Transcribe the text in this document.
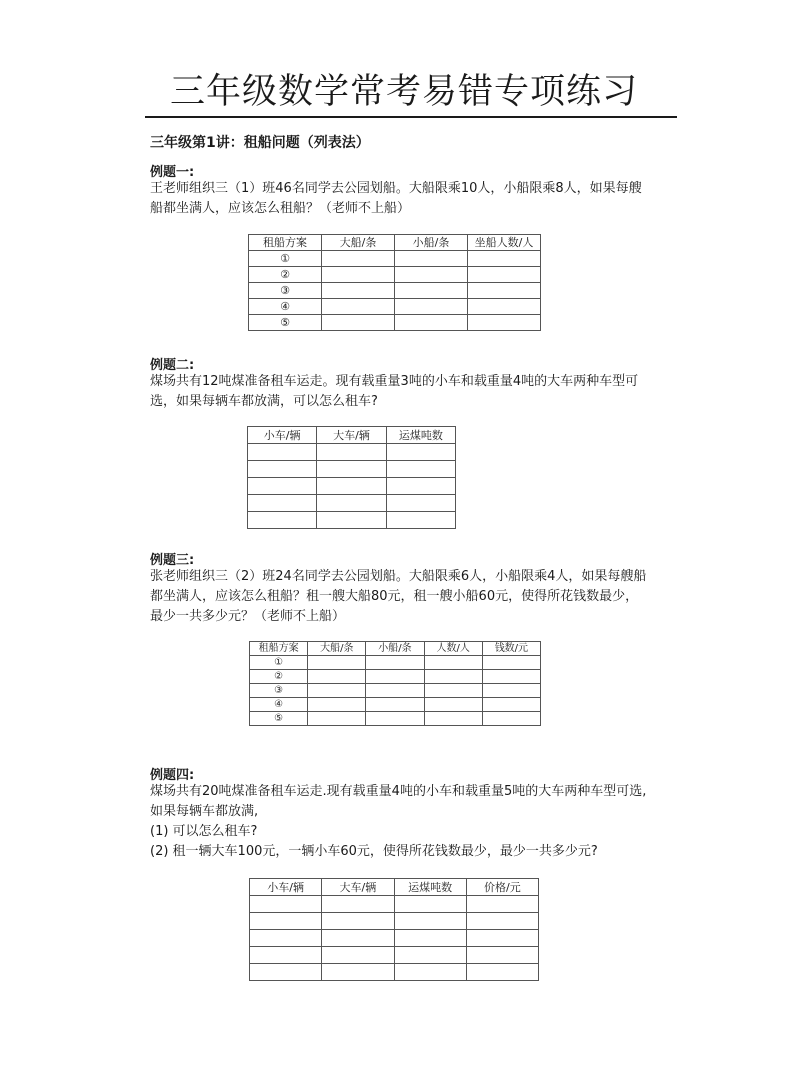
三年级数学常考易错专项练习
三年级第1讲：租船问题（列表法）

例题一:

王老师组织三（1）班46名同学去公园划船。大船限乘10人，小船限乘8人，如果每艘
船都坐满人，应该怎么租船？（老师不上船）

租船方案	大船/条	小船/条	坐船人数/人
①			
②			
③			
④			
⑤			

例题二:

煤场共有12吨煤准备租车运走。现有载重量3吨的小车和载重量4吨的大车两种车型可
选，如果每辆车都放满，可以怎么租车?

小车/辆	大车/辆	运煤吨数

例题三:

张老师组织三（2）班24名同学去公园划船。大船限乘6人，小船限乘4人，如果每艘船
都坐满人，应该怎么租船？租一艘大船80元，租一艘小船60元，使得所花钱数最少，
最少一共多少元？（老师不上船）

租船方案	大船/条	小船/条	人数/人	钱数/元
①				
②				
③				
④				
⑤				

例题四:

煤场共有20吨煤准备租车运走.现有载重量4吨的小车和载重量5吨的大车两种车型可选,
如果每辆车都放满,
(1) 可以怎么租车?
(2) 租一辆大车100元，一辆小车60元，使得所花钱数最少，最少一共多少元?

小车/辆	大车/辆	运煤吨数	价格/元
